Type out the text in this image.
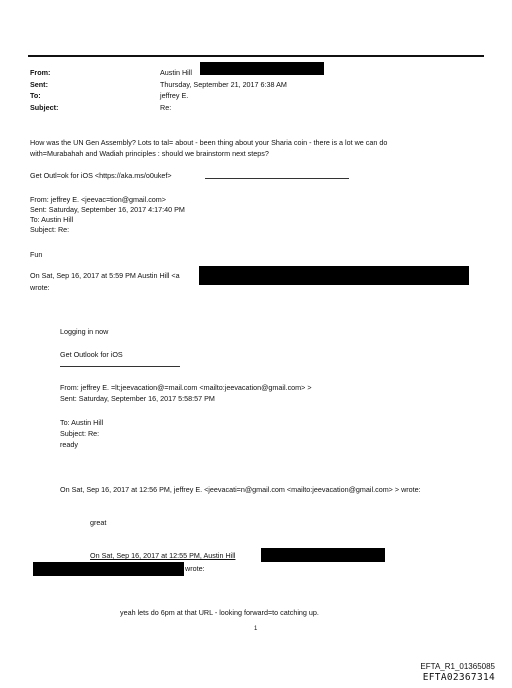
From:
Sent:
To:
Subject:
Austin Hill
Thursday, September 21, 2017 6:38 AM
jeffrey E.
Re:
How was the UN Gen Assembly? Lots to tal= about - been thing about your Sharia coin - there is a lot we can do
with=Murabahah and Wadiah principles : should we brainstorm next steps?
Get Outl=ok for iOS <https://aka.ms/o0ukef>
From: jeffrey E. <jeevac=tion@gmail.com>
Sent: Saturday, September 16, 2017 4:17:40 PM
To: Austin Hill
Subject: Re:
Fun
On Sat, Sep 16, 2017 at 5:59 PM Austin Hill <a
wrote:
Logging in now
Get Outlook for iOS
From: jeffrey E. =lt;jeevacation@=mail.com <mailto:jeevacation@gmail.com> >
Sent: Saturday, September 16, 2017 5:58:57 PM
To: Austin Hill
Subject: Re:
ready
On Sat, Sep 16, 2017 at 12:56 PM, jeffrey E. <jeevacati=n@gmail.com <mailto:jeevacation@gmail.com> > wrote:
great
On Sat, Sep 16, 2017 at 12:55 PM, Austin Hill
wrote:
yeah lets do 6pm at that URL - looking forward=to catching up.
1
EFTA_R1_01365085
EFTA02367314
